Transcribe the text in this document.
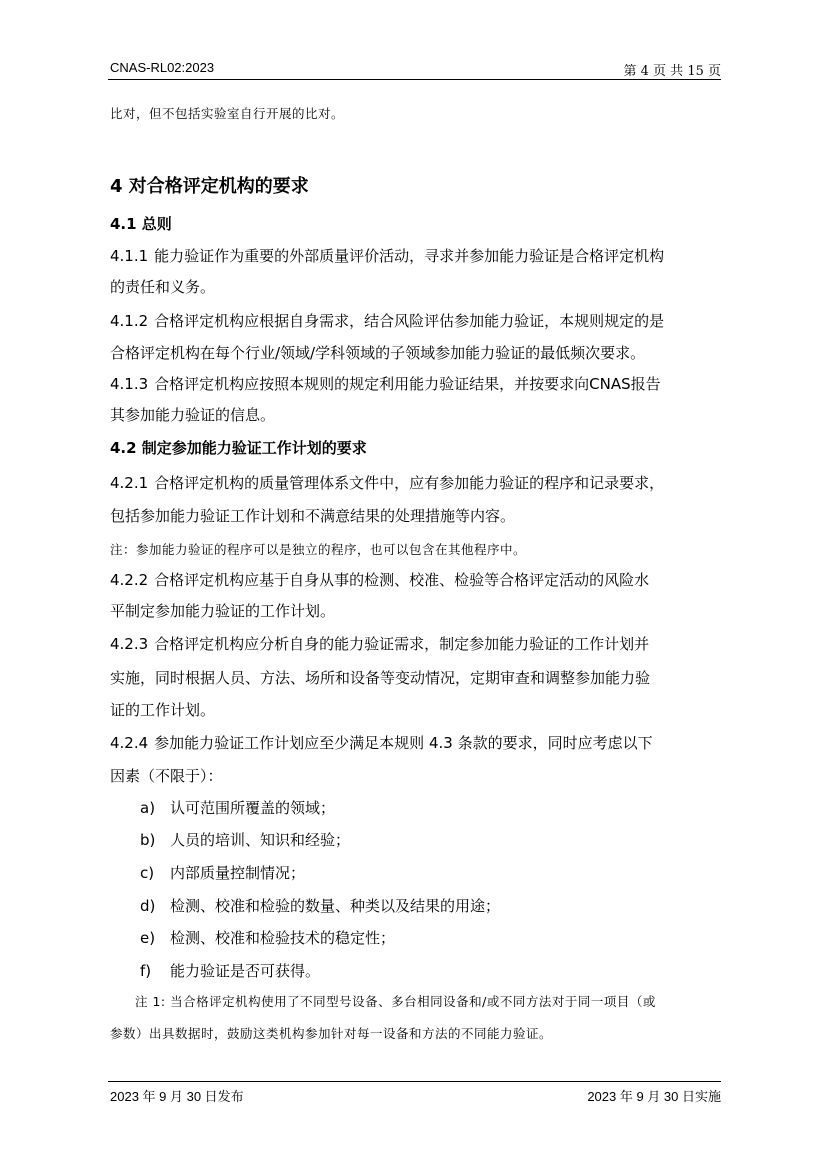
CNAS-RL02:2023	第 4 页 共 15 页
比对，但不包括实验室自行开展的比对。
4 对合格评定机构的要求
4.1 总则
4.1.1 能力验证作为重要的外部质量评价活动，寻求并参加能力验证是合格评定机构
的责任和义务。
4.1.2 合格评定机构应根据自身需求，结合风险评估参加能力验证，本规则规定的是
合格评定机构在每个行业/领域/学科领域的子领域参加能力验证的最低频次要求。
4.1.3 合格评定机构应按照本规则的规定利用能力验证结果，并按要求向CNAS报告
其参加能力验证的信息。
4.2 制定参加能力验证工作计划的要求
4.2.1 合格评定机构的质量管理体系文件中，应有参加能力验证的程序和记录要求，
包括参加能力验证工作计划和不满意结果的处理措施等内容。
注：参加能力验证的程序可以是独立的程序，也可以包含在其他程序中。
4.2.2 合格评定机构应基于自身从事的检测、校准、检验等合格评定活动的风险水
平制定参加能力验证的工作计划。
4.2.3 合格评定机构应分析自身的能力验证需求，制定参加能力验证的工作计划并
实施，同时根据人员、方法、场所和设备等变动情况，定期审查和调整参加能力验
证的工作计划。
4.2.4 参加能力验证工作计划应至少满足本规则 4.3 条款的要求，同时应考虑以下
因素（不限于）：
a) 认可范围所覆盖的领域；
b) 人员的培训、知识和经验；
c) 内部质量控制情况；
d) 检测、校准和检验的数量、种类以及结果的用途；
e) 检测、校准和检验技术的稳定性；
f) 能力验证是否可获得。
注 1: 当合格评定机构使用了不同型号设备、多台相同设备和/或不同方法对于同一项目（或
参数）出具数据时，鼓励这类机构参加针对每一设备和方法的不同能力验证。
2023 年 9 月 30 日发布	2023 年 9 月 30 日实施
